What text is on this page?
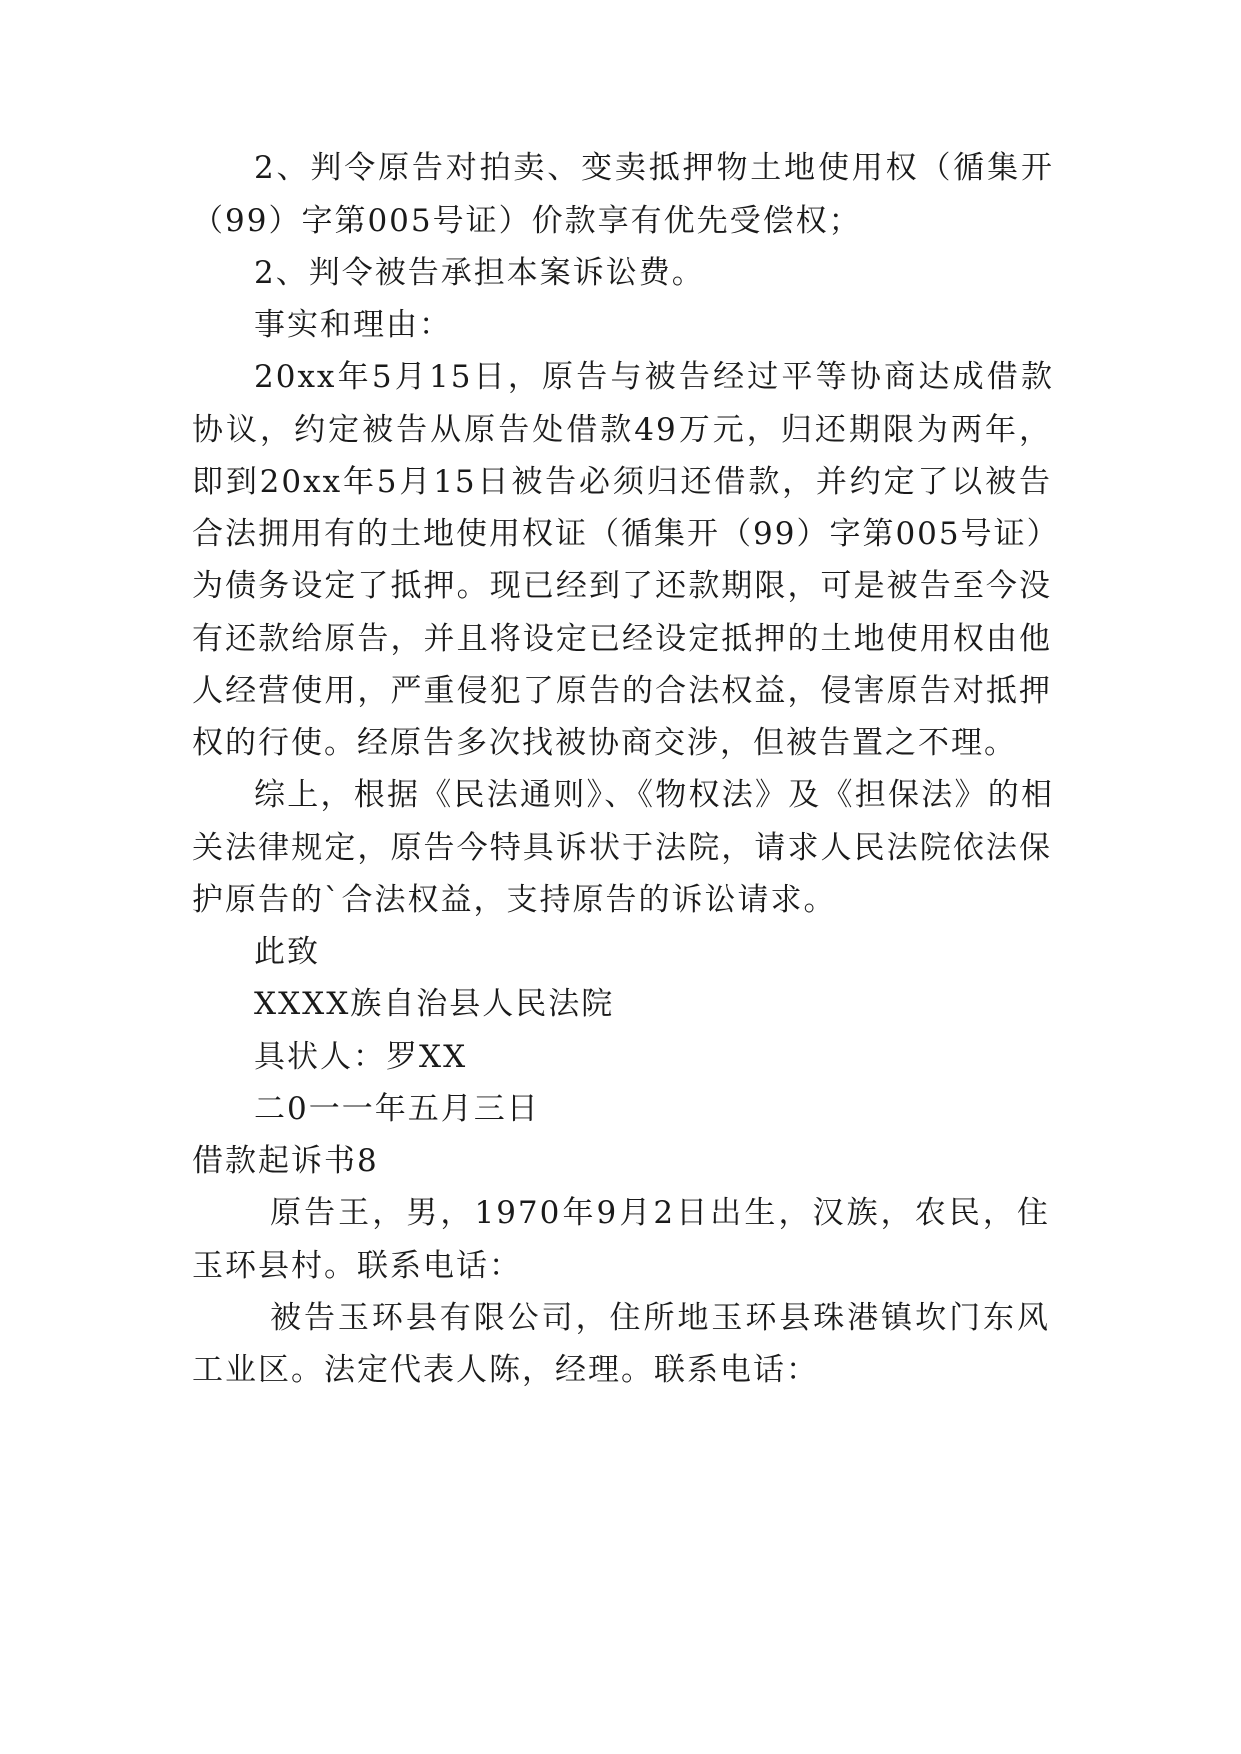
2、判令原告对拍卖、变卖抵押物土地使用权（循集开
（99）字第005号证）价款享有优先受偿权；
2、判令被告承担本案诉讼费。
事实和理由：
20xx年5月15日，原告与被告经过平等协商达成借款
协议，约定被告从原告处借款49万元，归还期限为两年，
即到20xx年5月15日被告必须归还借款，并约定了以被告
合法拥用有的土地使用权证（循集开（99）字第005号证）
为债务设定了抵押。现已经到了还款期限，可是被告至今没
有还款给原告，并且将设定已经设定抵押的土地使用权由他
人经营使用，严重侵犯了原告的合法权益，侵害原告对抵押
权的行使。经原告多次找被协商交涉，但被告置之不理。
综上，根据《民法通则》、《物权法》及《担保法》的相
关法律规定，原告今特具诉状于法院，请求人民法院依法保
护原告的`合法权益，支持原告的诉讼请求。
此致
XXXX族自治县人民法院
具状人：罗XX
二0一一年五月三日
借款起诉书8
原告王，男，1970年9月2日出生，汉族，农民，住
玉环县村。联系电话：
被告玉环县有限公司，住所地玉环县珠港镇坎门东风
工业区。法定代表人陈，经理。联系电话：
